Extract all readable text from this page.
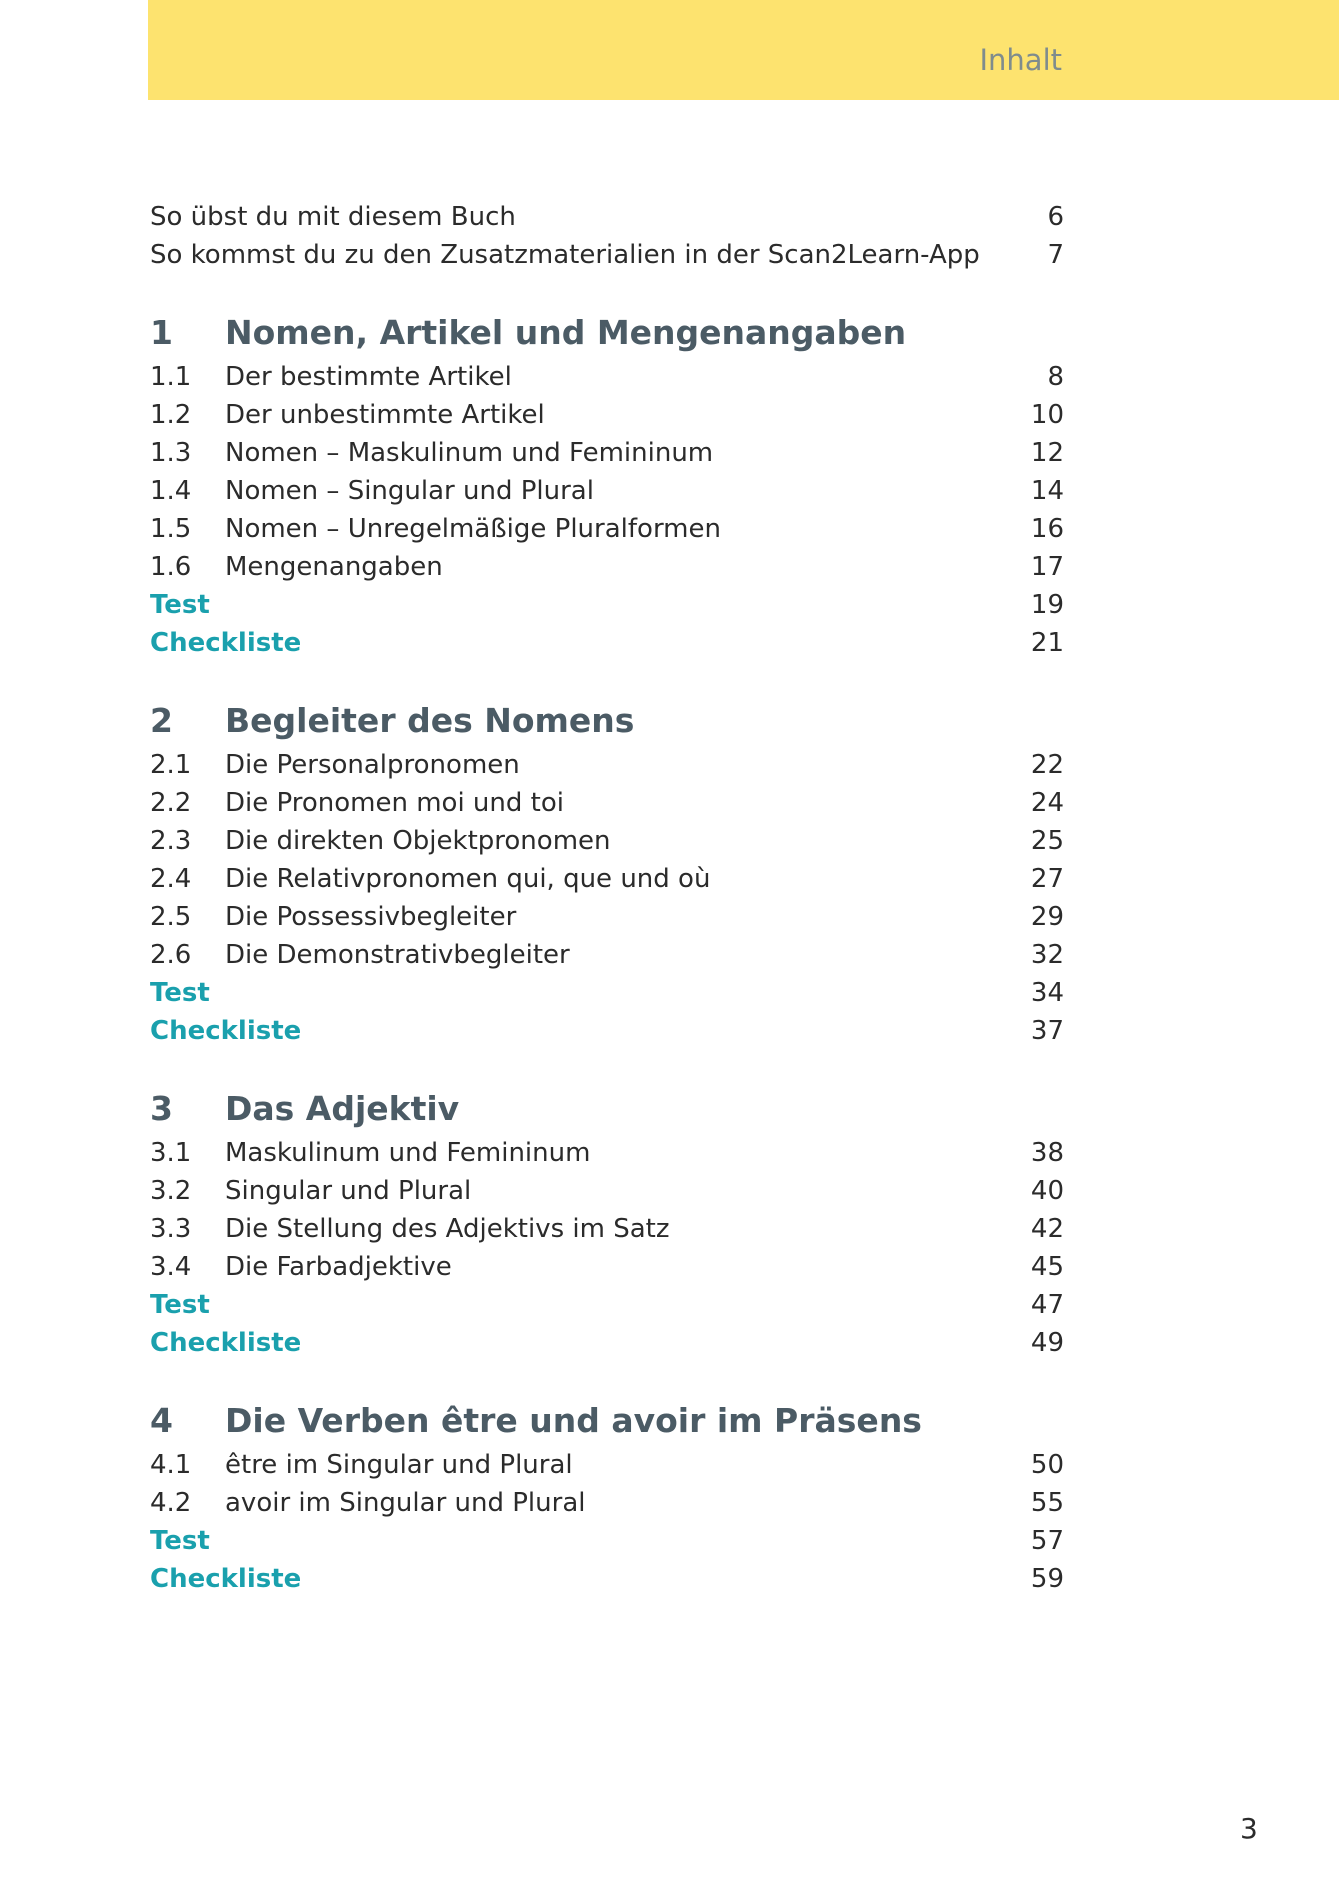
Inhalt
So übst du mit diesem Buch	6
So kommst du zu den Zusatzmaterialien in der Scan2Learn-App	7
1 Nomen, Artikel und Mengenangaben
1.1 Der bestimmte Artikel	8
1.2 Der unbestimmte Artikel	10
1.3 Nomen – Maskulinum und Femininum	12
1.4 Nomen – Singular und Plural	14
1.5 Nomen – Unregelmäßige Pluralformen	16
1.6 Mengenangaben	17
Test	19
Checkliste	21
2 Begleiter des Nomens
2.1 Die Personalpronomen	22
2.2 Die Pronomen moi und toi	24
2.3 Die direkten Objektpronomen	25
2.4 Die Relativpronomen qui, que und où	27
2.5 Die Possessivbegleiter	29
2.6 Die Demonstrativbegleiter	32
Test	34
Checkliste	37
3 Das Adjektiv
3.1 Maskulinum und Femininum	38
3.2 Singular und Plural	40
3.3 Die Stellung des Adjektivs im Satz	42
3.4 Die Farbadjektive	45
Test	47
Checkliste	49
4 Die Verben être und avoir im Präsens
4.1 être im Singular und Plural	50
4.2 avoir im Singular und Plural	55
Test	57
Checkliste	59
3
